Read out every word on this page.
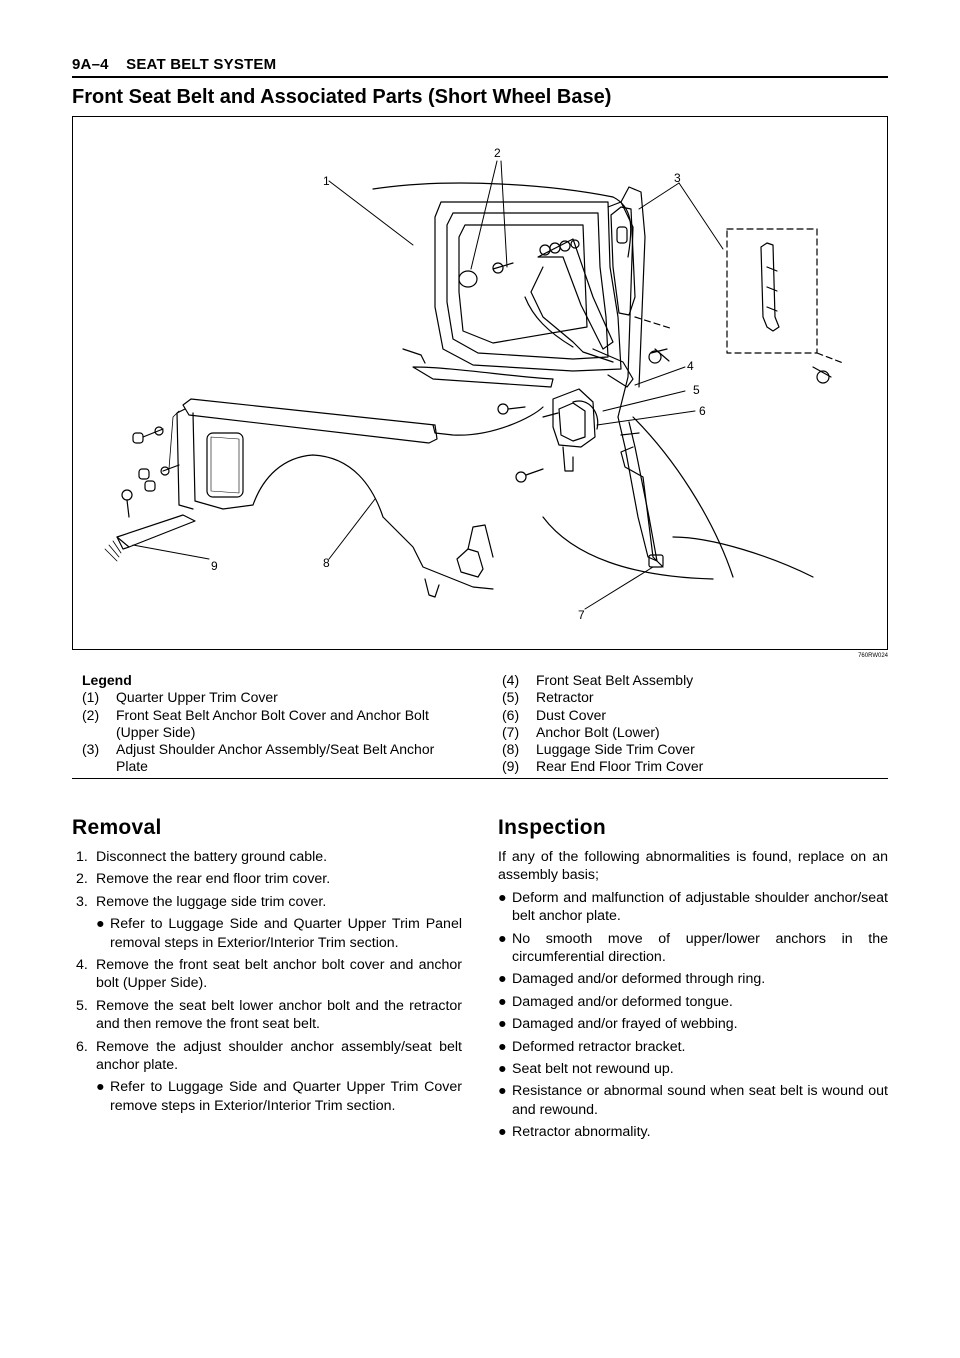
9A–4    SEAT BELT SYSTEM
Front Seat Belt and Associated Parts (Short Wheel Base)
1
2
3
4
5
6
7
8
9
760RW024
Legend
(1) Quarter Upper Trim Cover
(2) Front Seat Belt Anchor Bolt Cover and Anchor Bolt (Upper Side)
(3) Adjust Shoulder Anchor Assembly/Seat Belt Anchor Plate
(4) Front Seat Belt Assembly
(5) Retractor
(6) Dust Cover
(7) Anchor Bolt (Lower)
(8) Luggage Side Trim Cover
(9) Rear End Floor Trim Cover
Removal
1. Disconnect the battery ground cable.
2. Remove the rear end floor trim cover.
3. Remove the luggage side trim cover.
● Refer to Luggage Side and Quarter Upper Trim Panel removal steps in Exterior/Interior Trim section.
4. Remove the front seat belt anchor bolt cover and anchor bolt (Upper Side).
5. Remove the seat belt lower anchor bolt and the retractor and then remove the front seat belt.
6. Remove the adjust shoulder anchor assembly/seat belt anchor plate.
● Refer to Luggage Side and Quarter Upper Trim Cover remove steps in Exterior/Interior Trim section.
Inspection

If any of the following abnormalities is found, replace on an assembly basis;

● Deform and malfunction of adjustable shoulder anchor/seat belt anchor plate.
● No smooth move of upper/lower anchors in the circumferential direction.
● Damaged and/or deformed through ring.
● Damaged and/or deformed tongue.
● Damaged and/or frayed of webbing.
● Deformed retractor bracket.
● Seat belt not rewound up.
● Resistance or abnormal sound when seat belt is wound out and rewound.
● Retractor abnormality.
